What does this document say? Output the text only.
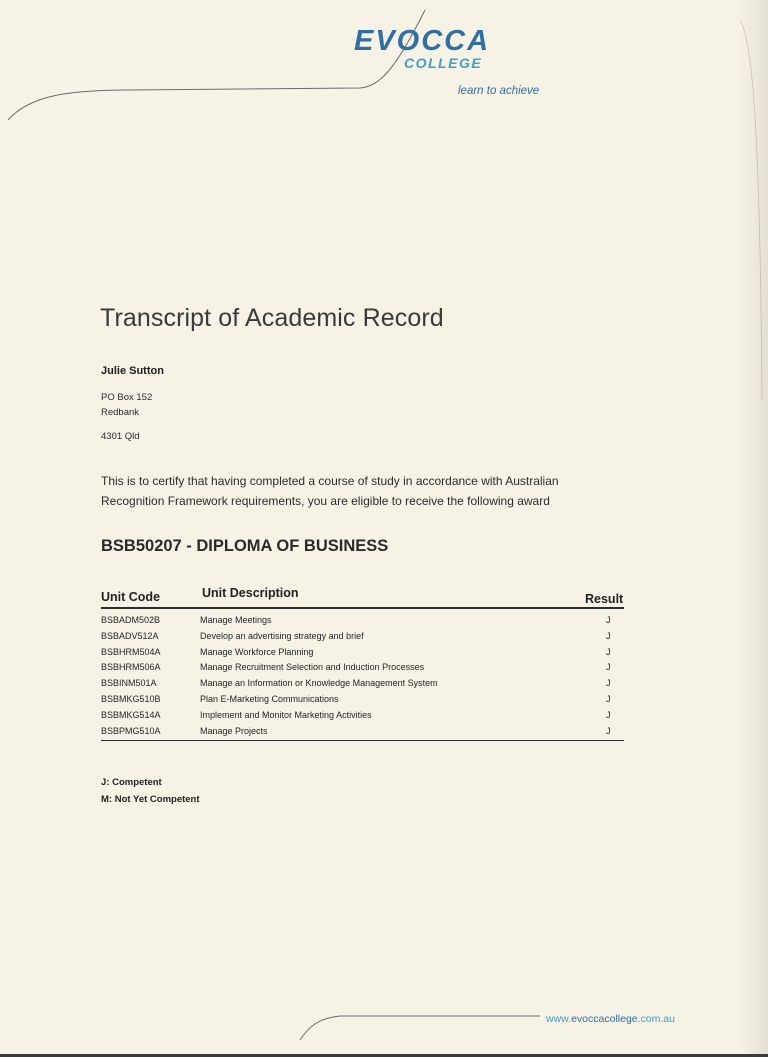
EVOCCA
COLLEGE
learn to achieve
Transcript of Academic Record
Julie Sutton
PO Box 152
Redbank
4301 Qld
This is to certify that having completed a course of study in accordance with Australian Recognition Framework requirements, you are eligible to receive the following award
BSB50207 - DIPLOMA OF BUSINESS
Unit Code	Unit Description	Result
BSBADM502B	Manage Meetings	J
BSBADV512A	Develop an advertising strategy and brief	J
BSBHRM504A	Manage Workforce Planning	J
BSBHRM506A	Manage Recruitment Selection and Induction Processes	J
BSBINM501A	Manage an Information or Knowledge Management System	J
BSBMKG510B	Plan E-Marketing Communications	J
BSBMKG514A	Implement and Monitor Marketing Activities	J
BSBPMG510A	Manage Projects	J
J: Competent
M: Not Yet Competent
www.evoccacollege.com.au
